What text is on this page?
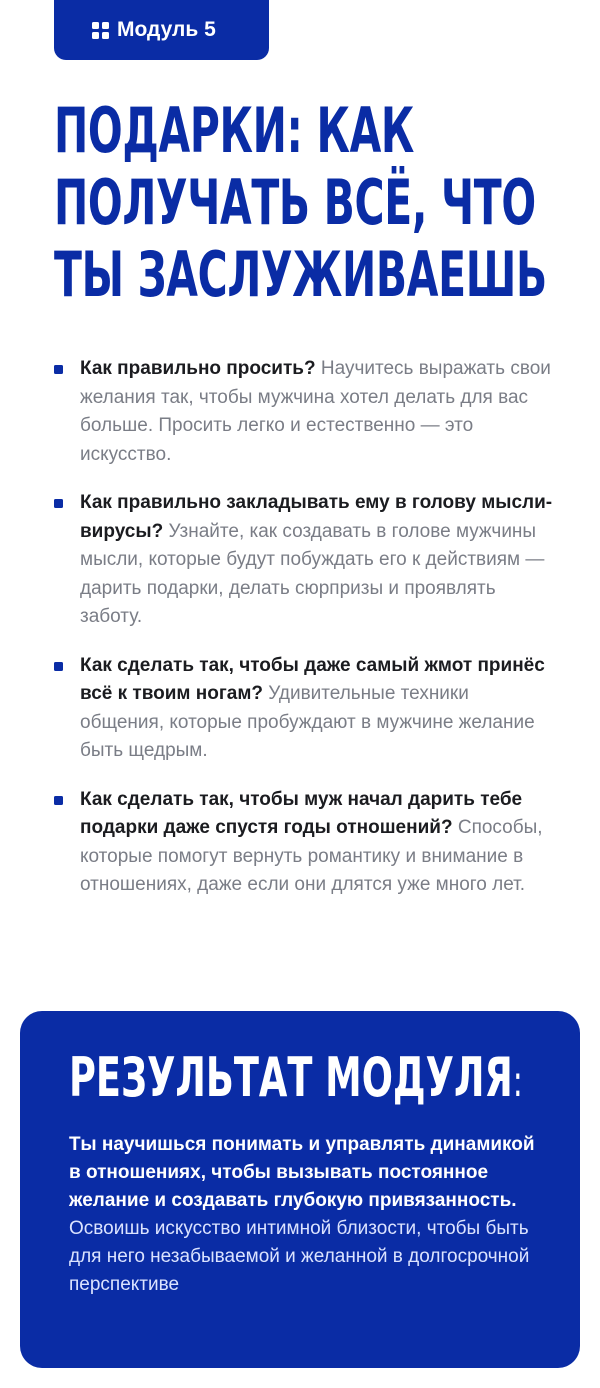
Модуль 5
ПОДАРКИ: КАК
ПОЛУЧАТЬ ВСЁ, ЧТО
ТЫ ЗАСЛУЖИВАЕШЬ

Как правильно просить? Научитесь выражать свои желания так, чтобы мужчина хотел делать для вас больше. Просить легко и естественно — это искусство.

Как правильно закладывать ему в голову мысли-вирусы? Узнайте, как создавать в голове мужчины мысли, которые будут побуждать его к действиям — дарить подарки, делать сюрпризы и проявлять заботу.

Как сделать так, чтобы даже самый жмот принёс всё к твоим ногам? Удивительные техники общения, которые пробуждают в мужчине желание быть щедрым.

Как сделать так, чтобы муж начал дарить тебе подарки даже спустя годы отношений? Способы, которые помогут вернуть романтику и внимание в отношениях, даже если они длятся уже много лет.

РЕЗУЛЬТАТ МОДУЛЯ:

Ты научишься понимать и управлять динамикой в отношениях, чтобы вызывать постоянное желание и создавать глубокую привязанность. Освоишь искусство интимной близости, чтобы быть для него незабываемой и желанной в долгосрочной перспективе
